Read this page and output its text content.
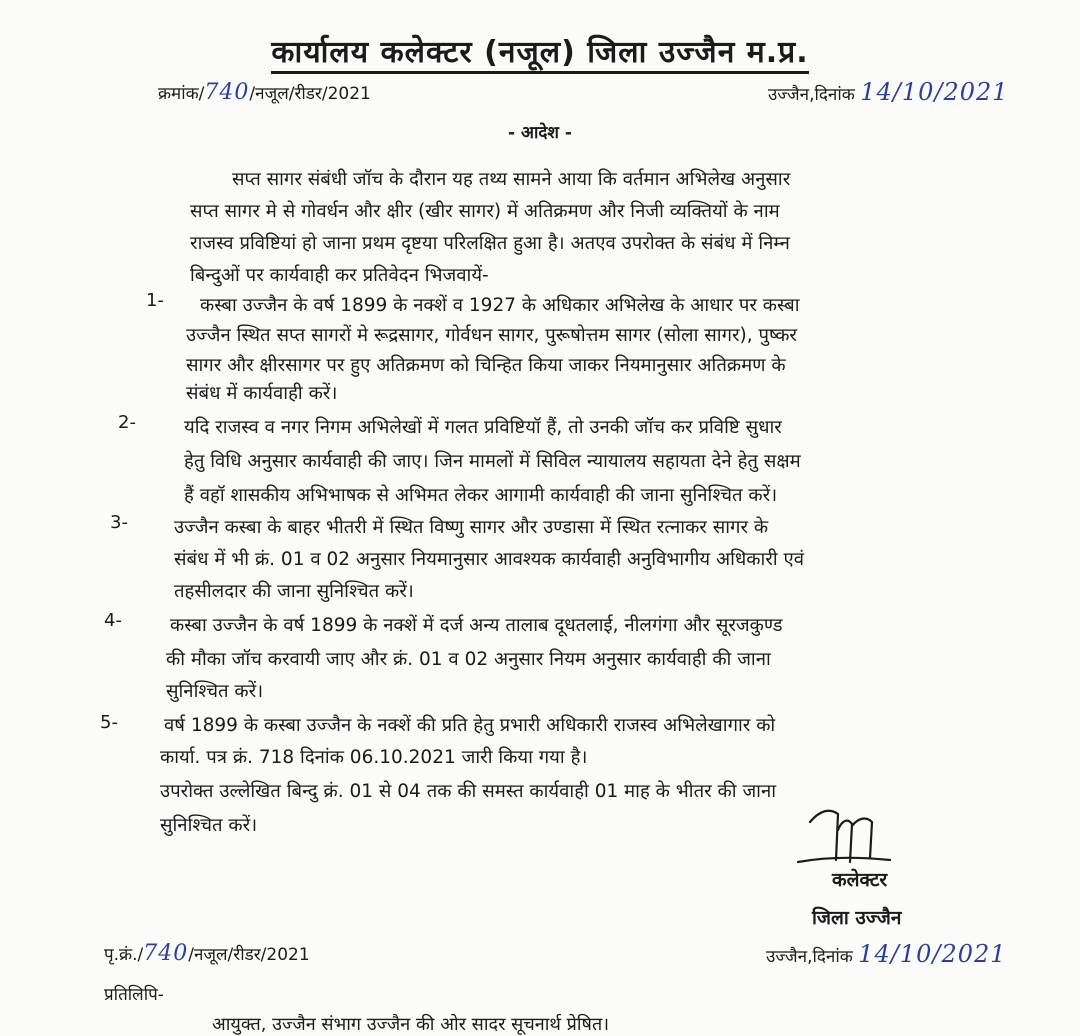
कार्यालय कलेक्टर (नजूल) जिला उज्जैन म.प्र.
क्रमांक/740/नजूल/रीडर/2021	उज्जैन,दिनांक 14/10/2021
- आदेश -
सप्त सागर संबंधी जॉच के दौरान यह तथ्य सामने आया कि वर्तमान अभिलेख अनुसार
सप्त सागर मे से गोवर्धन और क्षीर (खीर सागर) में अतिक्रमण और निजी व्यक्तियों के नाम
राजस्व प्रविष्टियां हो जाना प्रथम दृष्टया परिलक्षित हुआ है। अतएव उपरोक्त के संबंध में निम्न
बिन्दुओं पर कार्यवाही कर प्रतिवेदन भिजवायें-
1- कस्बा उज्जैन के वर्ष 1899 के नक्शें व 1927 के अधिकार अभिलेख के आधार पर कस्बा
उज्जैन स्थित सप्त सागरों मे रूद्रसागर, गोर्वधन सागर, पुरूषोत्तम सागर (सोला सागर), पुष्कर
सागर और क्षीरसागर पर हुए अतिक्रमण को चिन्हित किया जाकर नियमानुसार अतिक्रमण के
संबंध में कार्यवाही करें।
2-	यदि राजस्व व नगर निगम अभिलेखों में गलत प्रविष्टियॉ हैं, तो उनकी जॉच कर प्रविष्टि सुधार
हेतु विधि अनुसार कार्यवाही की जाए। जिन मामलों में सिविल न्यायालय सहायता देने हेतु सक्षम
हैं वहॉ शासकीय अभिभाषक से अभिमत लेकर आगामी कार्यवाही की जाना सुनिश्चित करें।
3- उज्जैन कस्बा के बाहर भीतरी में स्थित विष्णु सागर और उण्डासा में स्थित रत्नाकर सागर के
संबंध में भी क्रं. 01 व 02 अनुसार नियमानुसार आवश्यक कार्यवाही अनुविभागीय अधिकारी एवं
तहसीलदार की जाना सुनिश्चित करें।
4-	कस्बा उज्जैन के वर्ष 1899 के नक्शें में दर्ज अन्य तालाब दूधतलाई, नीलगंगा और सूरजकुण्ड
की मौका जॉच करवायी जाए और क्रं. 01 व 02 अनुसार नियम अनुसार कार्यवाही की जाना
सुनिश्चित करें।
5- वर्ष 1899 के कस्बा उज्जैन के नक्शें की प्रति हेतु प्रभारी अधिकारी राजस्व अभिलेखागार को
कार्या. पत्र क्रं. 718 दिनांक 06.10.2021 जारी किया गया है।
उपरोक्त उल्लेखित बिन्दु क्रं. 01 से 04 तक की समस्त कार्यवाही 01 माह के भीतर की जाना
सुनिश्चित करें।
कलेक्टर
जिला उज्जैन
पृ.क्रं./740/नजूल/रीडर/2021	उज्जैन,दिनांक 14/10/2021
प्रतिलिपि-
आयुक्त, उज्जैन संभाग उज्जैन की ओर सादर सूचनार्थ प्रेषित।
